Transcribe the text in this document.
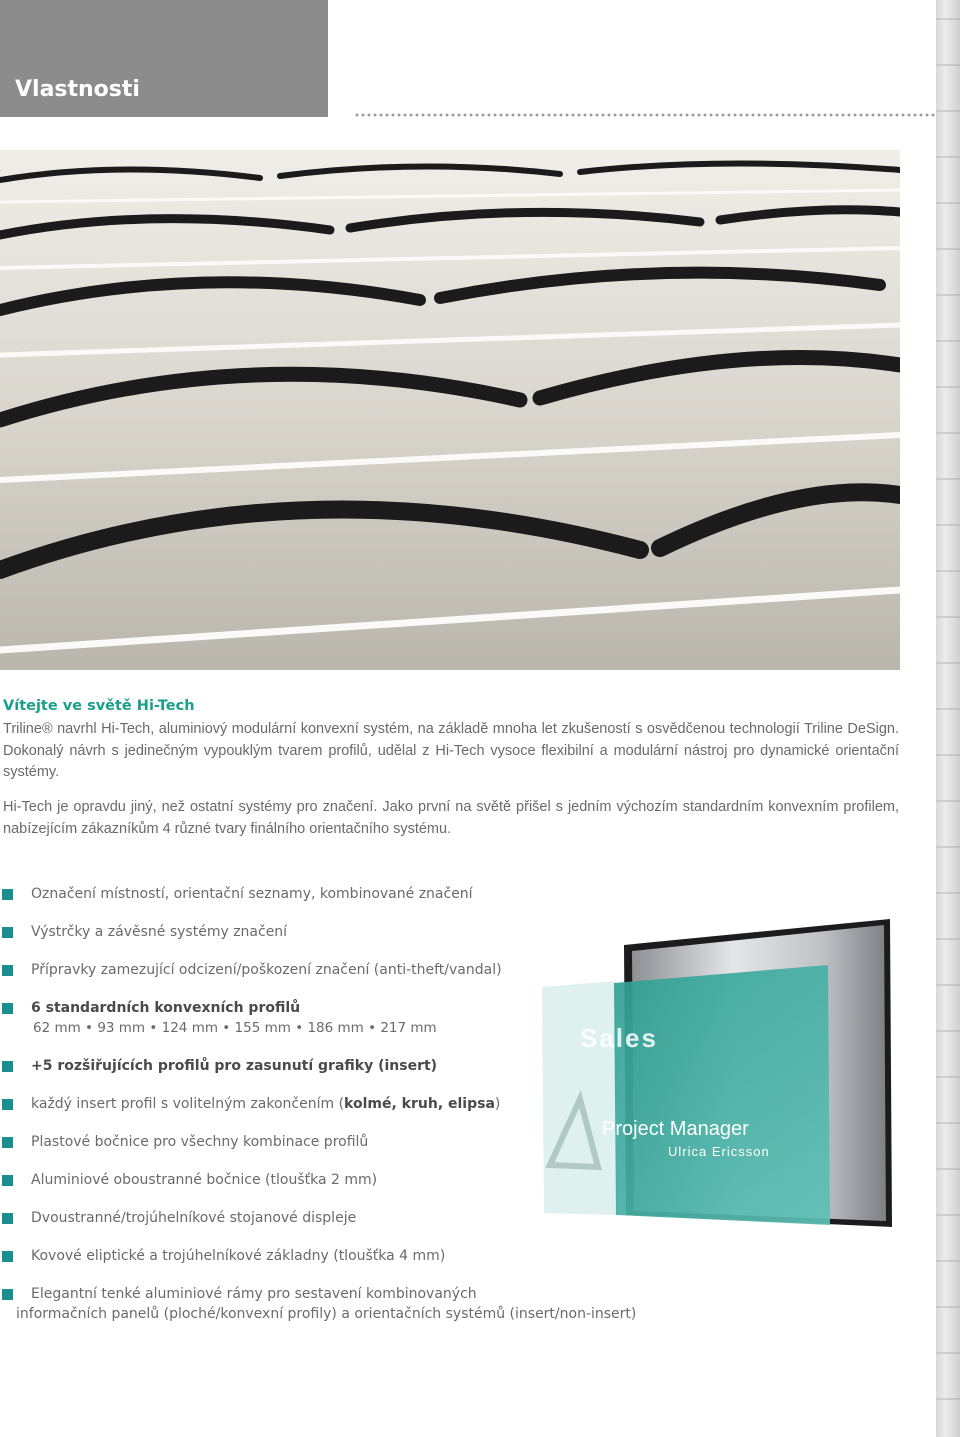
Vlastnosti
Vítejte ve světě Hi-Tech
Triline® navrhl Hi-Tech, aluminiový modulární konvexní systém, na základě mnoha let zkušeností s osvědčenou technologií Triline DeSign. Dokonalý návrh s jedinečným vypouklým tvarem profilů, udělal z Hi-Tech vysoce flexibilní a modulární nástroj pro dynamické orientační systémy.
Hi-Tech je opravdu jiný, než ostatní systémy pro značení. Jako první na světě přišel s jedním výchozím standardním konvexním profilem, nabízejícím zákazníkům 4 různé tvary finálního orientačního systému.
Označení místností, orientační seznamy, kombinované značení
Výstrčky a závěsné systémy značení
Přípravky zamezující odcizení/poškození značení (anti-theft/vandal)
6 standardních konvexních profilů
62 mm • 93 mm • 124 mm • 155 mm • 186 mm • 217 mm
+5 rozšiřujících profilů pro zasunutí grafiky (insert)
každý insert profil s volitelným zakončením (kolmé, kruh, elipsa)
Plastové bočnice pro všechny kombinace profilů
Aluminiové oboustranné bočnice (tloušťka 2 mm)
Dvoustranné/trojúhelníkové stojanové displeje
Kovové eliptické a trojúhelníkové základny (tloušťka 4 mm)
Elegantní tenké aluminiové rámy pro sestavení kombinovaných
informačních panelů (ploché/konvexní profily) a orientačních systémů (insert/non-insert)
Sales
Project Manager
Ulrica Ericsson
